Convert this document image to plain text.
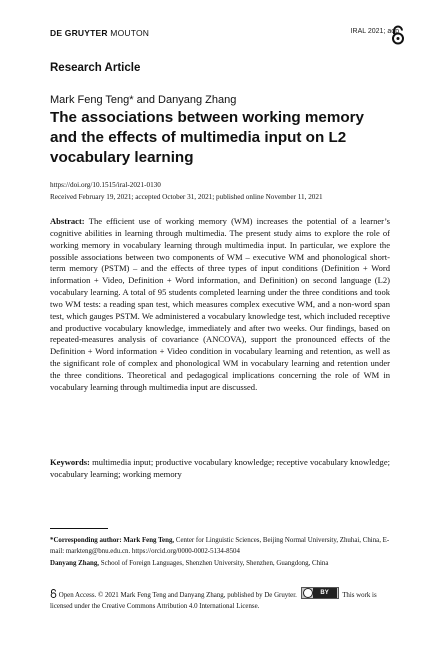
DE GRUYTER MOUTON	IRAL 2021; aop
Research Article
Mark Feng Teng* and Danyang Zhang
The associations between working memory and the effects of multimedia input on L2 vocabulary learning
https://doi.org/10.1515/iral-2021-0130
Received February 19, 2021; accepted October 31, 2021; published online November 11, 2021

Abstract: The efficient use of working memory (WM) increases the potential of a learner’s cognitive abilities in learning through multimedia. The present study aims to explore the role of working memory in vocabulary learning through multimedia input. In particular, we explore the possible associations between two components of WM – executive WM and phonological short-term memory (PSTM) – and the effects of three types of input conditions (Definition + Word information + Video, Definition + Word information, and Definition) on second language (L2) vocabulary learning. A total of 95 students completed learning under the three conditions and took two WM tests: a reading span test, which measures complex executive WM, and a non-word span test, which gauges PSTM. We administered a vocabulary knowledge test, which included receptive and productive vocabulary knowledge, immediately and after two weeks. Our findings, based on repeated-measures analysis of covariance (ANCOVA), support the pronounced effects of the Definition + Word information + Video condition in vocabulary learning and retention, as well as the significant role of complex and phonological WM in vocabulary learning and retention under the three conditions. Theoretical and pedagogical implications concerning the role of WM in vocabulary learning through multimedia input are discussed.

Keywords: multimedia input; productive vocabulary knowledge; receptive vocabulary knowledge; vocabulary learning; working memory

*Corresponding author: Mark Feng Teng, Center for Linguistic Sciences, Beijing Normal University, Zhuhai, China, E-mail: markteng@bnu.edu.cn. https://orcid.org/0000-0002-5134-8504

Danyang Zhang, School of Foreign Languages, Shenzhen University, Shenzhen, Guangdong, China

Open Access. © 2021 Mark Feng Teng and Danyang Zhang, published by De Gruyter.	BY	This work is licensed under the Creative Commons Attribution 4.0 International License.
